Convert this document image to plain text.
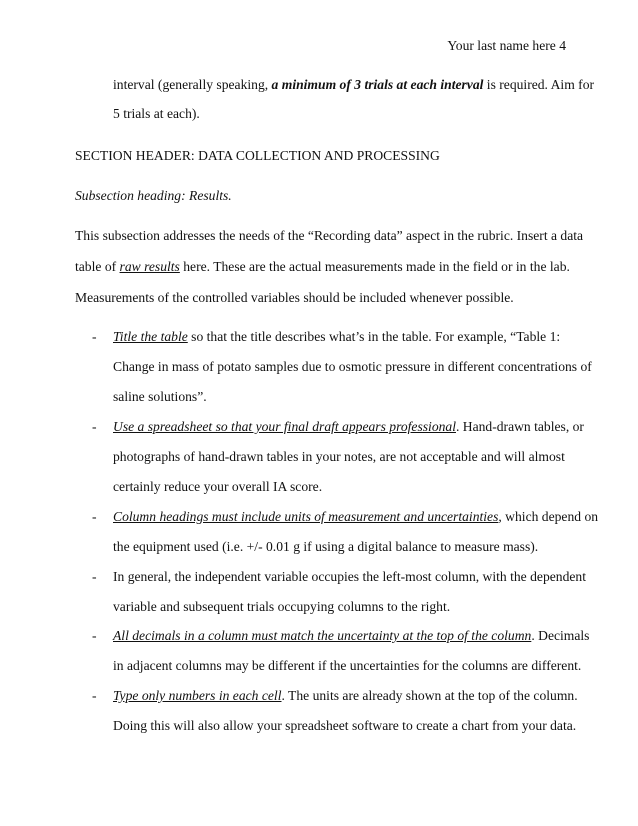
Your last name here 4
interval (generally speaking, a minimum of 3 trials at each interval is required. Aim for
5 trials at each).
SECTION HEADER: DATA COLLECTION AND PROCESSING
Subsection heading: Results.
This subsection addresses the needs of the “Recording data” aspect in the rubric. Insert a data
table of raw results here. These are the actual measurements made in the field or in the lab.
Measurements of the controlled variables should be included whenever possible.
- Title the table so that the title describes what’s in the table. For example, “Table 1:
Change in mass of potato samples due to osmotic pressure in different concentrations of
saline solutions”.
- Use a spreadsheet so that your final draft appears professional. Hand-drawn tables, or
photographs of hand-drawn tables in your notes, are not acceptable and will almost
certainly reduce your overall IA score.
- Column headings must include units of measurement and uncertainties, which depend on
the equipment used (i.e. +/- 0.01 g if using a digital balance to measure mass).
- In general, the independent variable occupies the left-most column, with the dependent
variable and subsequent trials occupying columns to the right.
- All decimals in a column must match the uncertainty at the top of the column. Decimals
in adjacent columns may be different if the uncertainties for the columns are different.
- Type only numbers in each cell. The units are already shown at the top of the column.
Doing this will also allow your spreadsheet software to create a chart from your data.
